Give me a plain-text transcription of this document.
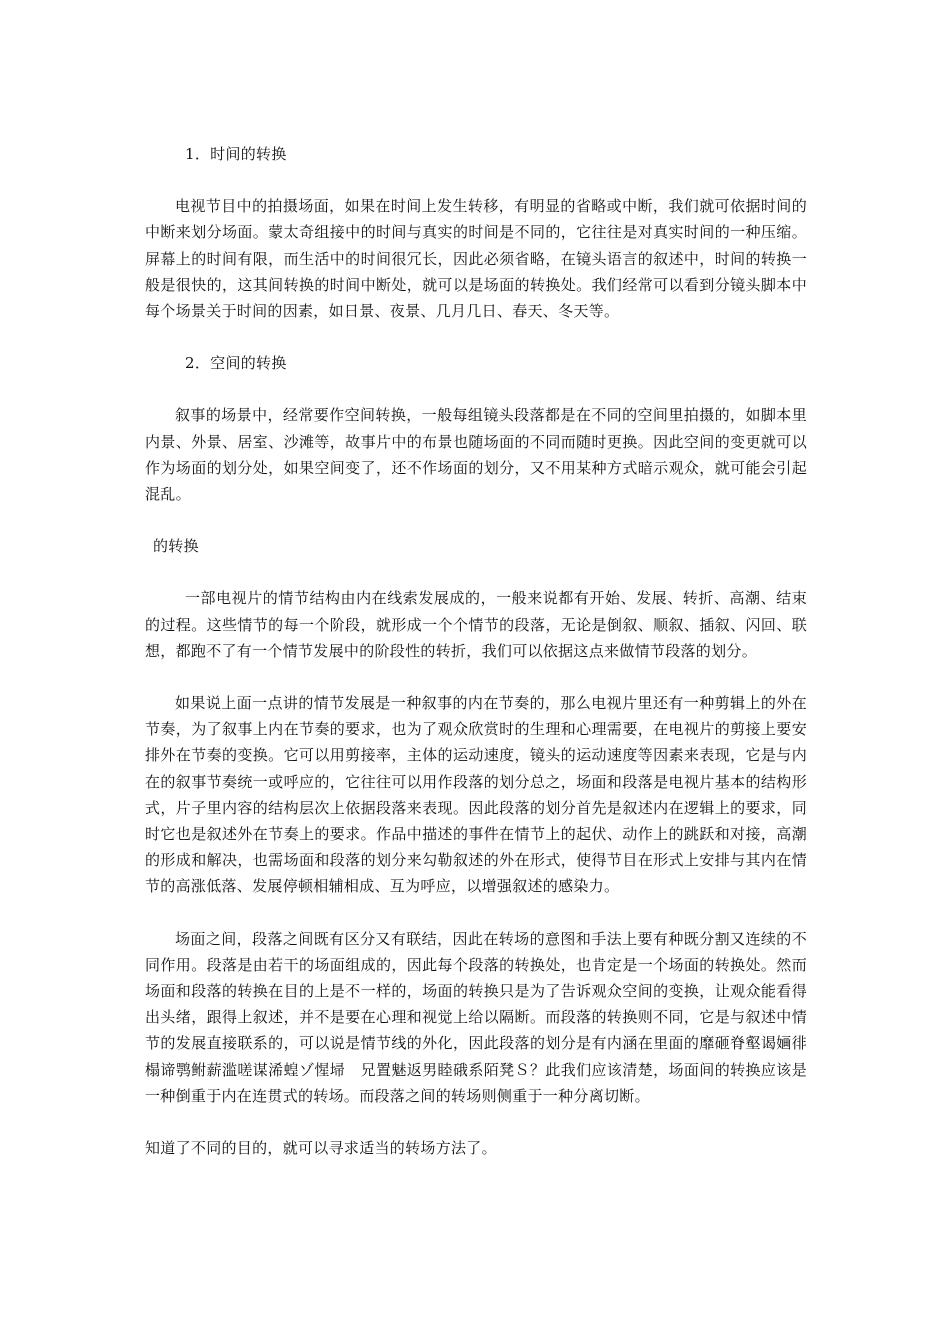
1．时间的转换

电视节目中的拍摄场面，如果在时间上发生转移，有明显的省略或中断，我们就可依据时间的中断来划分场面。蒙太奇组接中的时间与真实的时间是不同的，它往往是对真实时间的一种压缩。屏幕上的时间有限，而生活中的时间很冗长，因此必须省略，在镜头语言的叙述中，时间的转换一般是很快的，这其间转换的时间中断处，就可以是场面的转换处。我们经常可以看到分镜头脚本中每个场景关于时间的因素，如日景、夜景、几月几日、春天、冬天等。

2．空间的转换

叙事的场景中，经常要作空间转换，一般每组镜头段落都是在不同的空间里拍摄的，如脚本里内景、外景、居室、沙滩等，故事片中的布景也随场面的不同而随时更换。因此空间的变更就可以作为场面的划分处，如果空间变了，还不作场面的划分，又不用某种方式暗示观众，就可能会引起混乱。

的转换

一部电视片的情节结构由内在线索发展成的，一般来说都有开始、发展、转折、高潮、结束的过程。这些情节的每一个阶段，就形成一个个情节的段落，无论是倒叙、顺叙、插叙、闪回、联想，都跑不了有一个情节发展中的阶段性的转折，我们可以依据这点来做情节段落的划分。

如果说上面一点讲的情节发展是一种叙事的内在节奏的，那么电视片里还有一种剪辑上的外在节奏，为了叙事上内在节奏的要求，也为了观众欣赏时的生理和心理需要，在电视片的剪接上要安排外在节奏的变换。它可以用剪接率，主体的运动速度，镜头的运动速度等因素来表现，它是与内在的叙事节奏统一或呼应的，它往往可以用作段落的划分总之，场面和段落是电视片基本的结构形式，片子里内容的结构层次上依据段落来表现。因此段落的划分首先是叙述内在逻辑上的要求，同时它也是叙述外在节奏上的要求。作品中描述的事件在情节上的起伏、动作上的跳跃和对接，高潮的形成和解决，也需场面和段落的划分来勾勒叙述的外在形式，使得节目在形式上安排与其内在情节的高涨低落、发展停顿相辅相成、互为呼应，以增强叙述的感染力。

场面之间，段落之间既有区分又有联结，因此在转场的意图和手法上要有种既分割又连续的不同作用。段落是由若干的场面组成的，因此每个段落的转换处，也肯定是一个场面的转换处。然而场面和段落的转换在目的上是不一样的，场面的转换只是为了告诉观众空间的变换，让观众能看得出头绪，跟得上叙述，并不是要在心理和视觉上给以隔断。而段落的转换则不同，它是与叙述中情节的发展直接联系的，可以说是情节线的外化，因此段落的划分是有内涵在里面的靡砸脊壑谒婳徘榻谛鹗鲋薪滥嗟谋浠蝗ゾ惺埽　兄置魅返男睦硪系陌凳Ｓ？此我们应该清楚，场面间的转换应该是一种倒重于内在连贯式的转场。而段落之间的转场则侧重于一种分离切断。

知道了不同的目的，就可以寻求适当的转场方法了。
